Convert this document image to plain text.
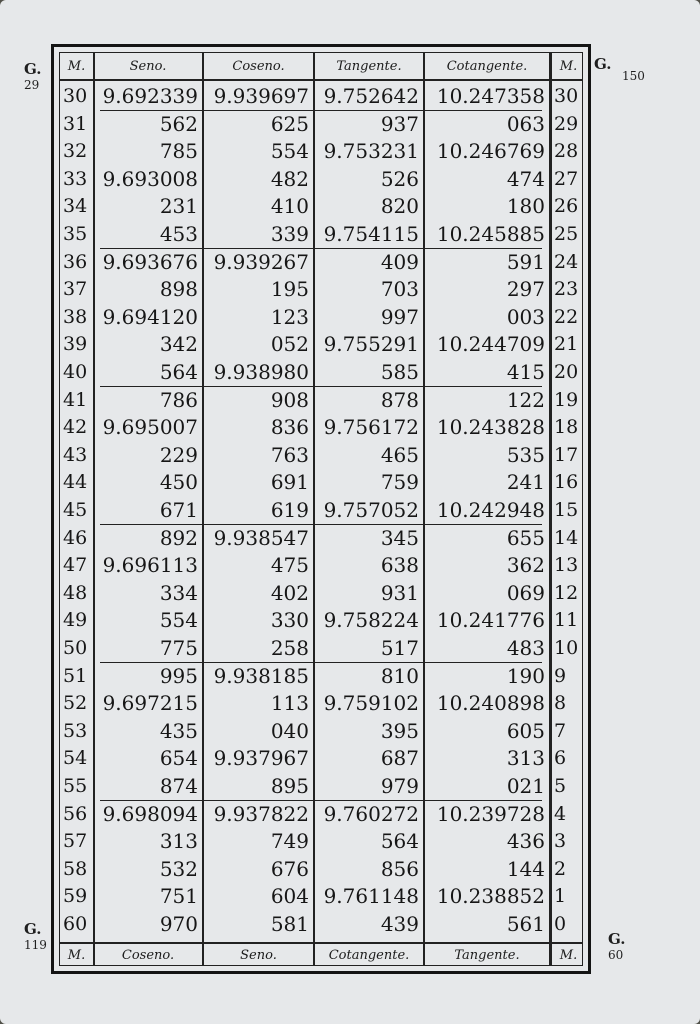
G.
29
G.
150
G.
119	G.
60
M.	Seno.	Coseno.	Tangente.	Cotangente.	M.
30 9.692339 9.939697 9.752642 10.247358 30
31	562	625	937	063 29
32	785	554 9.753231 10.246769 28
33 9.693008	482	526	474 27
34	231	410	820	180 26
35	453	339 9.754115 10.245885 25
36 9.693676 9.939267	409	591 24
37	898	195	703	297 23
38 9.694120	123	997	003 22
39	342	052 9.755291 10.244709 21
40	564 9.938980	585	415 20
41	786	908	878	122 19
42 9.695007	836 9.756172 10.243828 18
43	229	763	465	535 17
44	450	691	759	241 16
45	671	619 9.757052 10.242948 15
46	892 9.938547	345	655 14
47 9.696113	475	638	362 13
48	334	402	931	069 12
49	554	330 9.758224 10.241776 11
50	775	258	517	483 10
51	995 9.938185	810	190 9
52 9.697215	113 9.759102 10.240898 8
53	435	040	395	605 7
54	654 9.937967	687	313 6
55	874	895	979	021 5
56 9.698094 9.937822 9.760272 10.239728 4
57	313	749	564	436 3
58	532	676	856	144 2
59	751	604 9.761148 10.238852 1
60	970	581	439	561 0
M.	Coseno.	Seno.	Cotangente.	Tangente.	M.
